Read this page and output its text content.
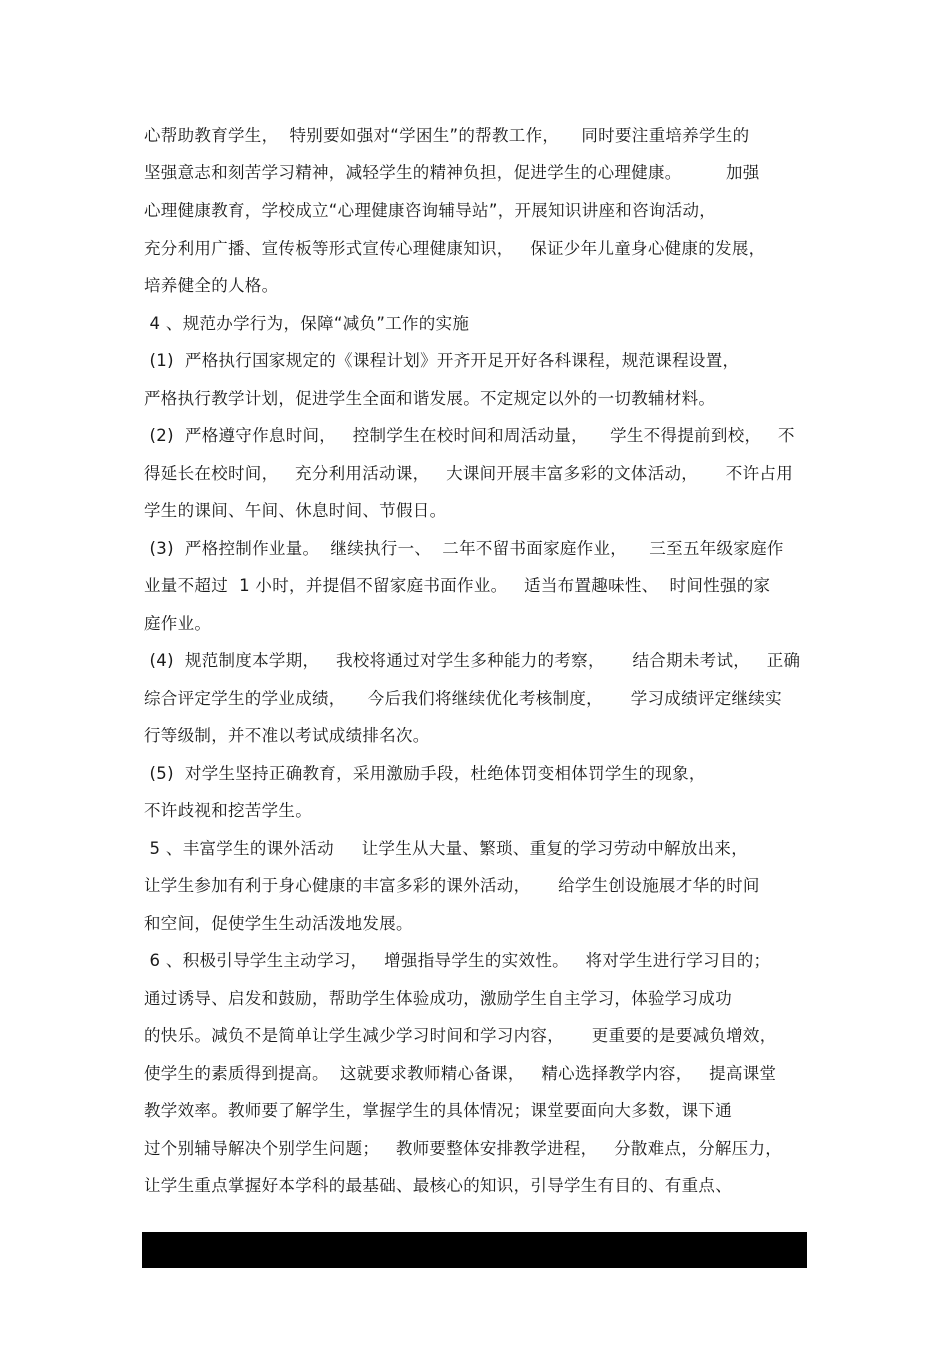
心帮助教育学生，  特别要如强对“学困生”的帮教工作，    同时要注重培养学生的
坚强意志和刻苦学习精神，减轻学生的精神负担，促进学生的心理健康。        加强
心理健康教育，学校成立“心理健康咨询辅导站”，开展知识讲座和咨询活动，
充分利用广播、宣传板等形式宣传心理健康知识，   保证少年儿童身心健康的发展，
培养健全的人格。
4 、规范办学行为，保障“减负”工作的实施
(1)  严格执行国家规定的《课程计划》开齐开足开好各科课程，规范课程设置，
严格执行教学计划，促进学生全面和谐发展。不定规定以外的一切教辅材料。
(2)  严格遵守作息时间，   控制学生在校时间和周活动量，    学生不得提前到校，   不
得延长在校时间，   充分利用活动课，   大课间开展丰富多彩的文体活动，     不许占用
学生的课间、午间、休息时间、节假日。
(3)  严格控制作业量。  继续执行一、  二年不留书面家庭作业，    三至五年级家庭作
业量不超过  1 小时，并提倡不留家庭书面作业。   适当布置趣味性、  时间性强的家
庭作业。
(4)  规范制度本学期，   我校将通过对学生多种能力的考察，     结合期未考试，   正确
综合评定学生的学业成绩，    今后我们将继续优化考核制度，     学习成绩评定继续实
行等级制，并不准以考试成绩排名次。
(5)  对学生坚持正确教育，采用激励手段，杜绝体罚变相体罚学生的现象，
不许歧视和挖苦学生。
5 、丰富学生的课外活动     让学生从大量、繁琐、重复的学习劳动中解放出来，
让学生参加有利于身心健康的丰富多彩的课外活动，     给学生创设施展才华的时间
和空间，促使学生生动活泼地发展。
6 、积极引导学生主动学习，   增强指导学生的实效性。   将对学生进行学习目的；
通过诱导、启发和鼓励，帮助学生体验成功，激励学生自主学习，体验学习成功
的快乐。减负不是简单让学生减少学习时间和学习内容，     更重要的是要减负增效，
使学生的素质得到提高。  这就要求教师精心备课，   精心选择教学内容，   提高课堂
教学效率。教师要了解学生，掌握学生的具体情况；课堂要面向大多数，课下通
过个别辅导解决个别学生问题；   教师要整体安排教学进程，   分散难点，分解压力，
让学生重点掌握好本学科的最基础、最核心的知识，引导学生有目的、有重点、
